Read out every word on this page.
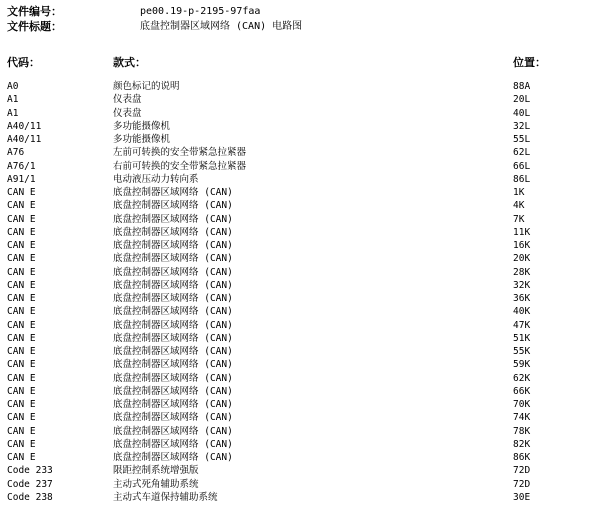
文件编号：	pe00.19-p-2195-97faa
文件标题：	底盘控制器区域网络 (CAN) 电路图
代码：	款式：	位置：
A0	颜色标记的说明	88A
A1	仪表盘	20L
A1	仪表盘	40L
A40/11	多功能摄像机	32L
A40/11	多功能摄像机	55L
A76	左前可转换的安全带紧急拉紧器	62L
A76/1	右前可转换的安全带紧急拉紧器	66L
A91/1	电动液压动力转向系	86L
CAN E	底盘控制器区域网络 (CAN)	1K
CAN E	底盘控制器区域网络 (CAN)	4K
CAN E	底盘控制器区域网络 (CAN)	7K
CAN E	底盘控制器区域网络 (CAN)	11K
CAN E	底盘控制器区域网络 (CAN)	16K
CAN E	底盘控制器区域网络 (CAN)	20K
CAN E	底盘控制器区域网络 (CAN)	28K
CAN E	底盘控制器区域网络 (CAN)	32K
CAN E	底盘控制器区域网络 (CAN)	36K
CAN E	底盘控制器区域网络 (CAN)	40K
CAN E	底盘控制器区域网络 (CAN)	47K
CAN E	底盘控制器区域网络 (CAN)	51K
CAN E	底盘控制器区域网络 (CAN)	55K
CAN E	底盘控制器区域网络 (CAN)	59K
CAN E	底盘控制器区域网络 (CAN)	62K
CAN E	底盘控制器区域网络 (CAN)	66K
CAN E	底盘控制器区域网络 (CAN)	70K
CAN E	底盘控制器区域网络 (CAN)	74K
CAN E	底盘控制器区域网络 (CAN)	78K
CAN E	底盘控制器区域网络 (CAN)	82K
CAN E	底盘控制器区域网络 (CAN)	86K
Code 233	限距控制系统增强版	72D
Code 237	主动式死角辅助系统	72D
Code 238	主动式车道保持辅助系统	30E
